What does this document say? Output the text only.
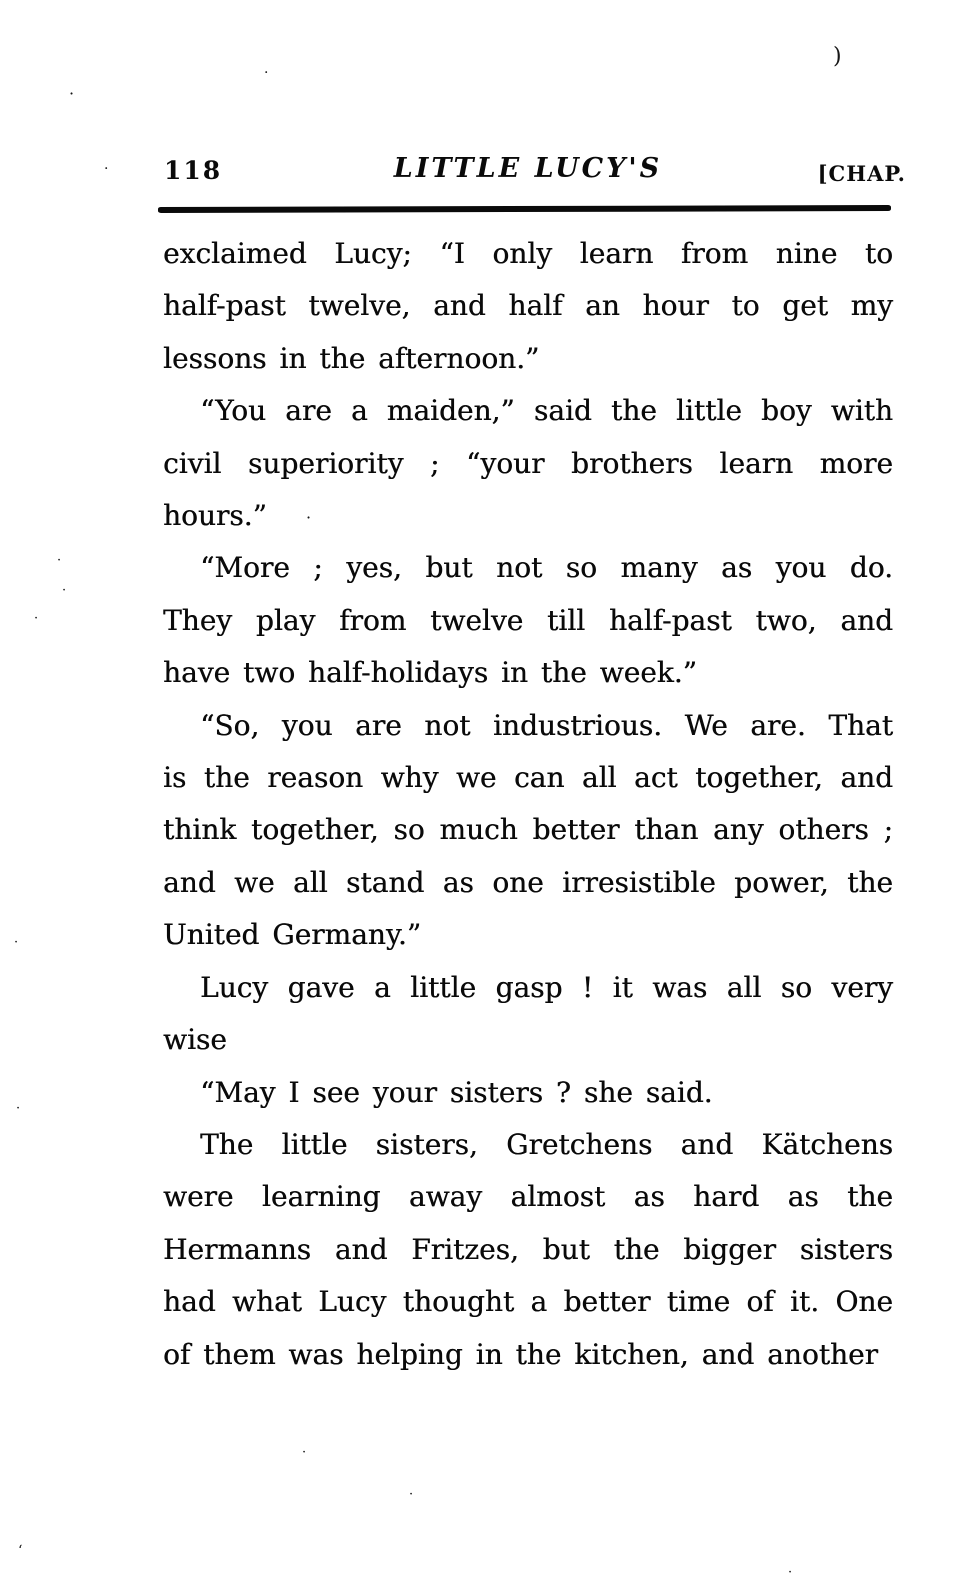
118	LITTLE LUCY'S	[CHAP.
exclaimed Lucy; “I only learn from nine to
half-past twelve, and half an hour to get my
lessons in the afternoon.”
“You are a maiden,” said the little boy with
civil superiority ; “your brothers learn more
hours.”
“More ; yes, but not so many as you do.
They play from twelve till half-past two, and
have two half-holidays in the week.”
“So, you are not industrious. We are. That
is the reason why we can all act together, and
think together, so much better than any others ;
and we all stand as one irresistible power, the
United Germany.”
Lucy gave a little gasp ! it was all so very
wise
“May I see your sisters ? she said.
The little sisters, Gretchens and Kätchens
were learning away almost as hard as the
Hermanns and Fritzes, but the bigger sisters
had what Lucy thought a better time of it. One
of them was helping in the kitchen, and another
)
·
·
·
·
·
·
·
·
·
·
·
‘
·
